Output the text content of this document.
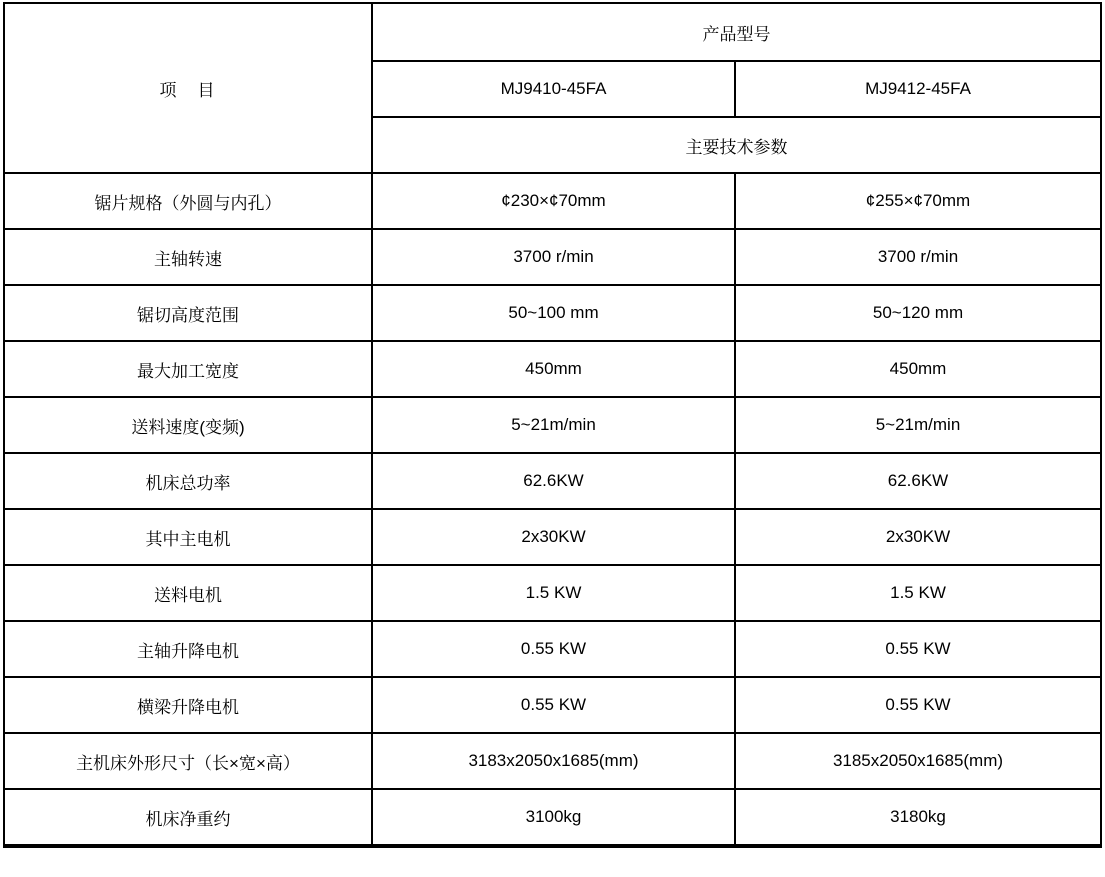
项　目	产品型号	
	MJ9410-45FA	MJ9412-45FA
	主要技术参数	
锯片规格（外圆与内孔）	¢230×¢70mm	¢255×¢70mm
主轴转速	3700 r/min	3700 r/min
锯切高度范围	50~100 mm	50~120 mm
最大加工宽度	450mm	450mm
送料速度(变频)	5~21m/min	5~21m/min
机床总功率	62.6KW	62.6KW
其中主电机	2x30KW	2x30KW
送料电机	1.5 KW	1.5 KW
主轴升降电机	0.55 KW	0.55 KW
横梁升降电机	0.55 KW	0.55 KW
主机床外形尺寸（长×宽×高）	3183x2050x1685(mm)	3185x2050x1685(mm)
机床净重约	3100kg	3180kg
